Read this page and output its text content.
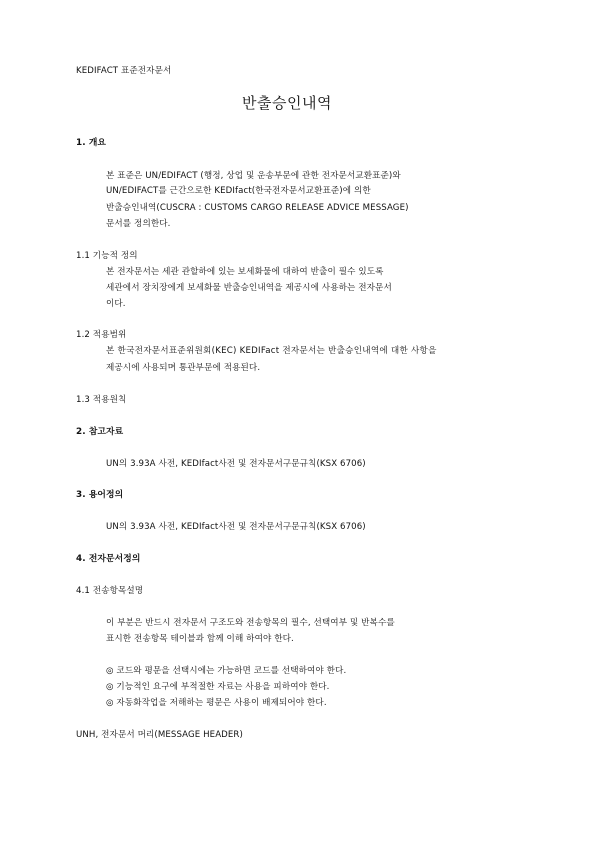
KEDIFACT 표준전자문서
반출승인내역
1. 개요
본 표준은 UN/EDIFACT (행정, 상업 및 운송부문에 관한 전자문서교환표준)와
UN/EDIFACT를 근간으로한 KEDIfact(한국전자문서교환표준)에 의한
반출승인내역(CUSCRA : CUSTOMS CARGO RELEASE ADVICE MESSAGE)
문서를 정의한다.
1.1 기능적 정의
본 전자문서는 세관 관할하에 있는 보세화물에 대하여 반출이 필수 있도록
세관에서 장치장에게 보세화물 반출승인내역을 제공시에 사용하는 전자문서
이다.
1.2 적용범위
본 한국전자문서표준위원회(KEC) KEDIFact 전자문서는 반출승인내역에 대한 사항을
제공시에 사용되며 통관부문에 적용된다.
1.3 적용원칙
2. 참고자료
UN의 3.93A 사전, KEDIfact사전 및 전자문서구문규칙(KSX 6706)
3. 용어정의
UN의 3.93A 사전, KEDIfact사전 및 전자문서구문규칙(KSX 6706)
4. 전자문서정의
4.1 전송항목설명
이 부분은 반드시 전자문서 구조도와 전송항목의 필수, 선택여부 및 반복수를
표시한 전송항목 테이블과 함께 이해 하여야 한다.
◎ 코드와 평문을 선택시에는 가능하면 코드를 선택하여야 한다.
◎ 기능적인 요구에 부적절한 자료는 사용을 피하여야 한다.
◎ 자동화작업을 저해하는 평문은 사용이 배제되어야 한다.
UNH, 전자문서 머리(MESSAGE HEADER)
